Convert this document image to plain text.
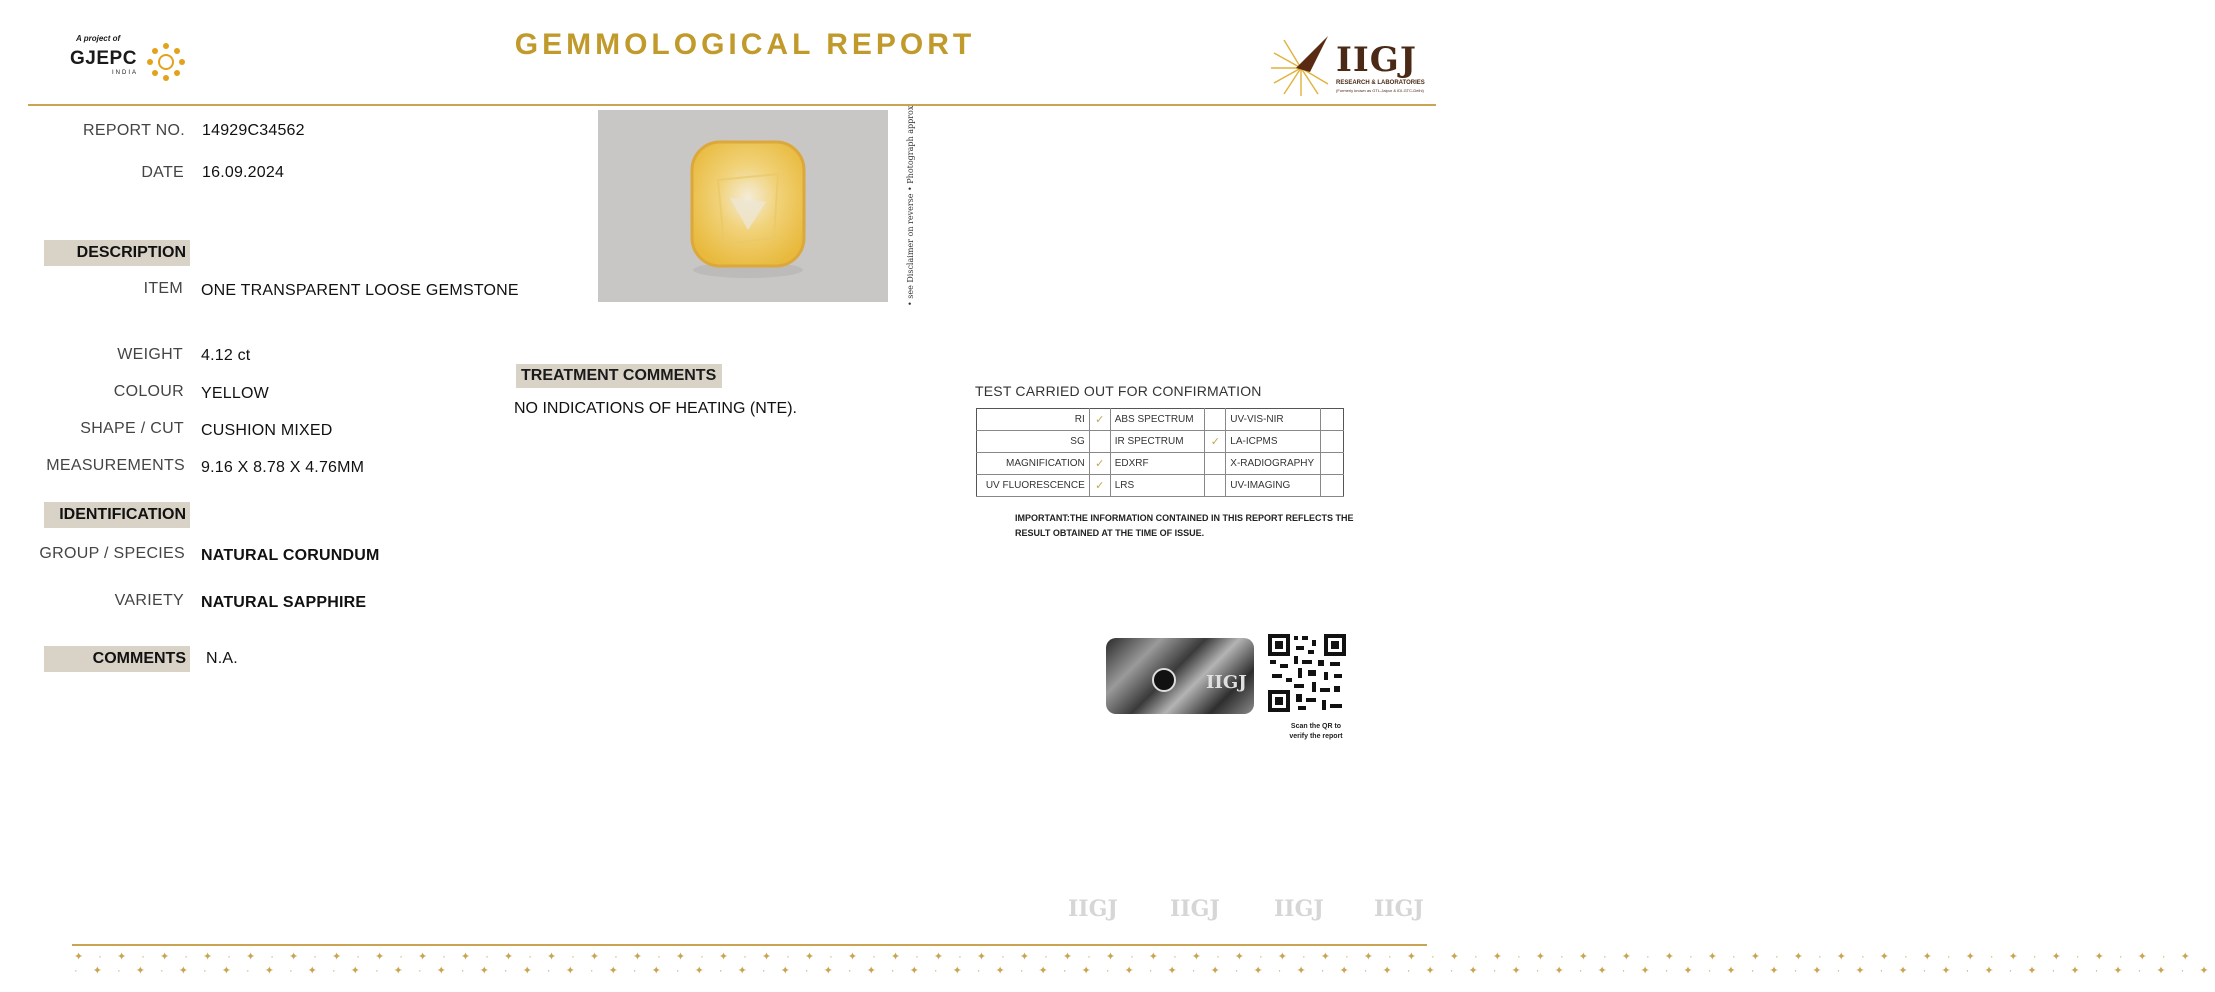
A project of
GJEPC
INDIA
GEMMOLOGICAL REPORT	IIGJ
RESEARCH & LABORATORIES
(Formerly known as GTL-Jaipur & IDI-GTC-Delhi)
REPORT NO. 14929C34562
DATE 16.09.2024
DESCRIPTION
ITEM ONE TRANSPARENT LOOSE GEMSTONE
WEIGHT 4.12 ct
COLOUR YELLOW
SHAPE / CUT CUSHION MIXED
MEASUREMENTS 9.16 X 8.78 X 4.76MM
IDENTIFICATION
GROUP / SPECIES NATURAL CORUNDUM
VARIETY NATURAL SAPPHIRE
COMMENTS N.A.
• see Disclaimer on reverse • Photograph approx
TREATMENT COMMENTS
NO INDICATIONS OF HEATING (NTE).
TEST CARRIED OUT FOR CONFIRMATION
RI	✓	ABS SPECTRUM		UV-VIS-NIR	
SG		IR SPECTRUM	✓	LA-ICPMS	
MAGNIFICATION	✓	EDXRF		X-RADIOGRAPHY	
UV FLUORESCENCE	✓	LRS		UV-IMAGING	
IMPORTANT:THE INFORMATION CONTAINED IN THIS REPORT REFLECTS THE RESULT OBTAINED AT THE TIME OF ISSUE.
IIGJ
Scan the QR to
verify the report
IIGJ IIGJ IIGJ IIGJ
✦ · ✦ · ✦ · ✦ · ✦ · ✦ · ✦ · ✦ · ✦ · ✦ · ✦ · ✦ · ✦ · ✦ · ✦ · ✦ · ✦ · ✦ · ✦ · ✦ · ✦ · ✦ · ✦ · ✦ · ✦ · ✦ · ✦ · ✦ · ✦ · ✦ · ✦ · ✦ · ✦ · ✦ · ✦ · ✦ · ✦ · ✦ · ✦ · ✦ · ✦ · ✦ · ✦ · ✦ · ✦ · ✦ · ✦ · ✦ · ✦ · ✦
· ✦ · ✦ · ✦ · ✦ · ✦ · ✦ · ✦ · ✦ · ✦ · ✦ · ✦ · ✦ · ✦ · ✦ · ✦ · ✦ · ✦ · ✦ · ✦ · ✦ · ✦ · ✦ · ✦ · ✦ · ✦ · ✦ · ✦ · ✦ · ✦ · ✦ · ✦ · ✦ · ✦ · ✦ · ✦ · ✦ · ✦ · ✦ · ✦ · ✦ · ✦ · ✦ · ✦ · ✦ · ✦ · ✦ · ✦ · ✦ · ✦ · ✦
